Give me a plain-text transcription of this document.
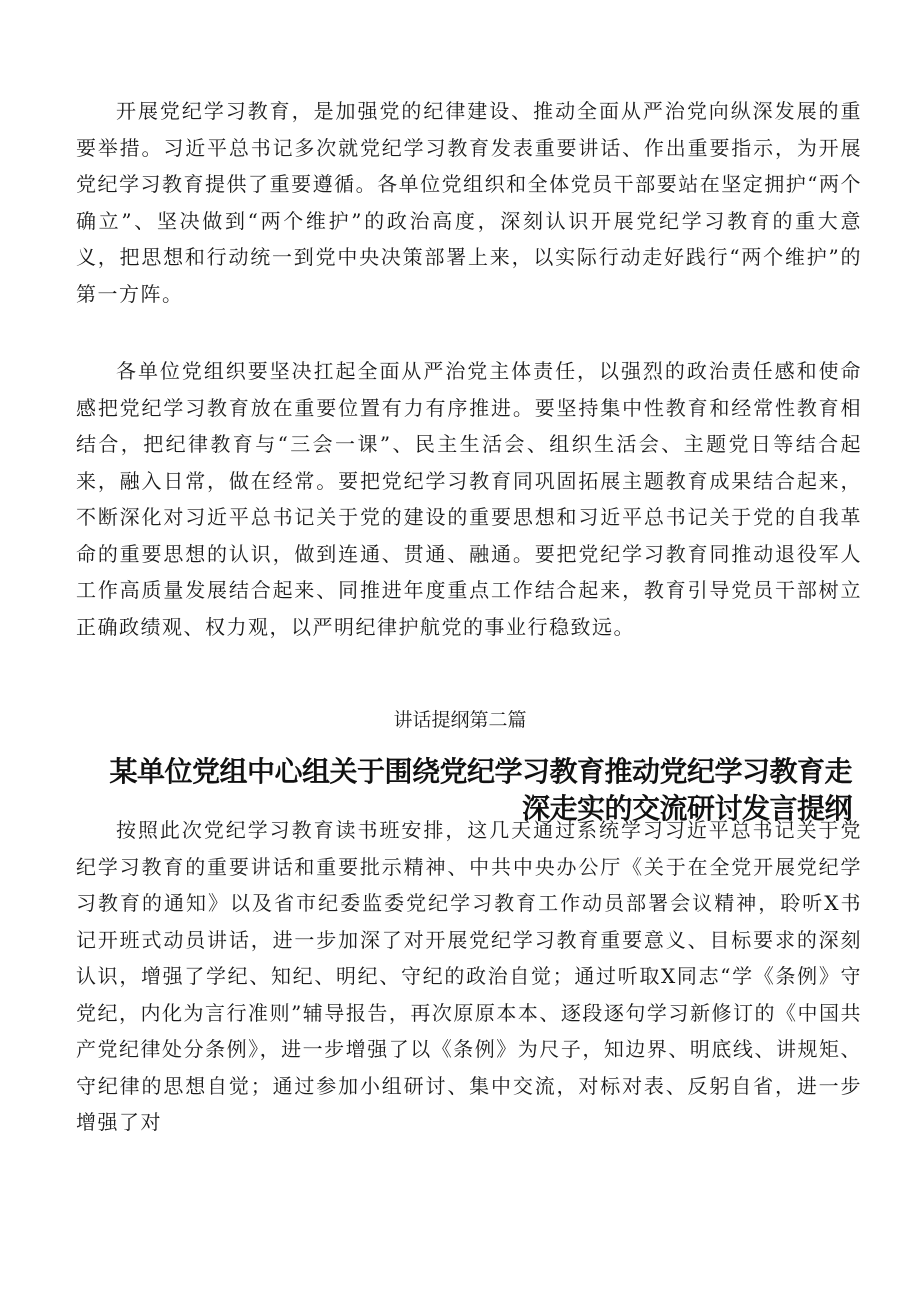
开展党纪学习教育，是加强党的纪律建设、推动全面从严治党向纵深发展的重要举措。习近平总书记多次就党纪学习教育发表重要讲话、作出重要指示，为开展党纪学习教育提供了重要遵循。各单位党组织和全体党员干部要站在坚定拥护“两个确立”、坚决做到“两个维护”的政治高度，深刻认识开展党纪学习教育的重大意义，把思想和行动统一到党中央决策部署上来，以实际行动走好践行“两个维护”的第一方阵。

各单位党组织要坚决扛起全面从严治党主体责任，以强烈的政治责任感和使命感把党纪学习教育放在重要位置有力有序推进。要坚持集中性教育和经常性教育相结合，把纪律教育与“三会一课”、民主生活会、组织生活会、主题党日等结合起来，融入日常，做在经常。要把党纪学习教育同巩固拓展主题教育成果结合起来，不断深化对习近平总书记关于党的建设的重要思想和习近平总书记关于党的自我革命的重要思想的认识，做到连通、贯通、融通。要把党纪学习教育同推动退役军人工作高质量发展结合起来、同推进年度重点工作结合起来，教育引导党员干部树立正确政绩观、权力观，以严明纪律护航党的事业行稳致远。

讲话提纲第二篇

某单位党组中心组关于围绕党纪学习教育推动党纪学习教育走深走实的交流研讨发言提纲

按照此次党纪学习教育读书班安排，这几天通过系统学习习近平总书记关于党纪学习教育的重要讲话和重要批示精神、中共中央办公厅《关于在全党开展党纪学习教育的通知》以及省市纪委监委党纪学习教育工作动员部署会议精神，聆听X书记开班式动员讲话，进一步加深了对开展党纪学习教育重要意义、目标要求的深刻认识，增强了学纪、知纪、明纪、守纪的政治自觉；通过听取X同志“学《条例》守党纪，内化为言行准则”辅导报告，再次原原本本、逐段逐句学习新修订的《中国共产党纪律处分条例》，进一步增强了以《条例》为尺子，知边界、明底线、讲规矩、守纪律的思想自觉；通过参加小组研讨、集中交流，对标对表、反躬自省，进一步增强了对
